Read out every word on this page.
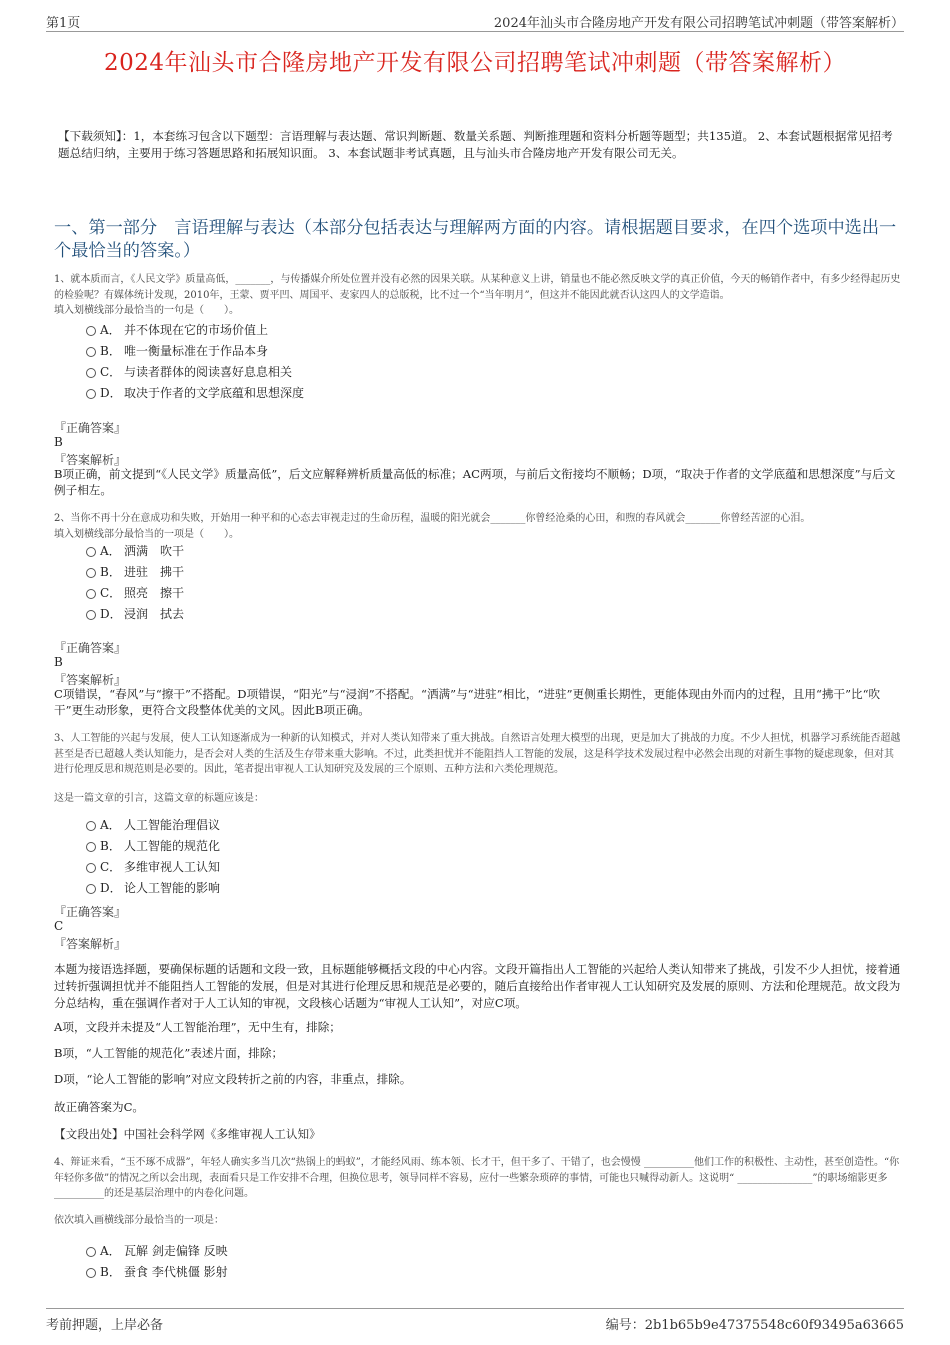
第1页	2024年汕头市合隆房地产开发有限公司招聘笔试冲刺题（带答案解析）
2024年汕头市合隆房地产开发有限公司招聘笔试冲刺题（带答案解析）
【下载须知】：1，本套练习包含以下题型：言语理解与表达题、常识判断题、数量关系题、判断推理题和资料分析题等题型；共135道。 2、本套试题根据常见招考题总结归纳，主要用于练习答题思路和拓展知识面。 3、本套试题非考试真题，且与汕头市合隆房地产开发有限公司无关。
一、第一部分　言语理解与表达（本部分包括表达与理解两方面的内容。请根据题目要求，在四个选项中选出一个最恰当的答案。）
1、就本质而言，《人民文学》质量高低，_______，与传播媒介所处位置并没有必然的因果关联。从某种意义上讲，销量也不能必然反映文学的真正价值，今天的畅销作者中，有多少经得起历史的检验呢？有媒体统计发现，2010年，王蒙、贾平凹、周国平、麦家四人的总版税，比不过一个“当年明月”，但这并不能因此就否认这四人的文学造诣。
填入划横线部分最恰当的一句是（　　）。
A． 并不体现在它的市场价值上
B． 唯一衡量标准在于作品本身
C． 与读者群体的阅读喜好息息相关
D． 取决于作者的文学底蕴和思想深度
『正确答案』
B
『答案解析』
B项正确，前文提到“《人民文学》质量高低”，后文应解释辨析质量高低的标准；AC两项，与前后文衔接均不顺畅；D项，“取决于作者的文学底蕴和思想深度”与后文例子相左。
2、当你不再十分在意成功和失败，开始用一种平和的心态去审视走过的生命历程，温暖的阳光就会_______你曾经沧桑的心田，和煦的春风就会_______你曾经苦涩的心泪。
填入划横线部分最恰当的一项是（　　）。
A． 洒满　吹干
B． 进驻　拂干
C． 照亮　擦干
D． 浸润　拭去
『正确答案』
B
『答案解析』
C项错误，“春风”与“擦干”不搭配。D项错误，“阳光”与“浸润”不搭配。“洒满”与“进驻”相比，“进驻”更侧重长期性，更能体现由外而内的过程，且用“拂干”比“吹干”更生动形象，更符合文段整体优美的文风。因此B项正确。
3、人工智能的兴起与发展，使人工认知逐渐成为一种新的认知模式，并对人类认知带来了重大挑战。自然语言处理大模型的出现，更是加大了挑战的力度。不少人担忧，机器学习系统能否超越甚至是否已超越人类认知能力，是否会对人类的生活及生存带来重大影响。不过，此类担忧并不能阻挡人工智能的发展，这是科学技术发展过程中必然会出现的对新生事物的疑虑现象，但对其进行伦理反思和规范则是必要的。因此，笔者提出审视人工认知研究及发展的三个原则、五种方法和六类伦理规范。
这是一篇文章的引言，这篇文章的标题应该是：
A． 人工智能治理倡议
B． 人工智能的规范化
C． 多维审视人工认知
D． 论人工智能的影响
『正确答案』
C
『答案解析』
本题为接语选择题，要确保标题的话题和文段一致，且标题能够概括文段的中心内容。文段开篇指出人工智能的兴起给人类认知带来了挑战，引发不少人担忧，接着通过转折强调担忧并不能阻挡人工智能的发展，但是对其进行伦理反思和规范是必要的，随后直接给出作者审视人工认知研究及发展的原则、方法和伦理规范。故文段为分总结构，重在强调作者对于人工认知的审视，文段核心话题为“审视人工认知”，对应C项。
A项，文段并未提及“人工智能治理”，无中生有，排除；
B项，“人工智能的规范化”表述片面，排除；
D项，“论人工智能的影响”对应文段转折之前的内容，非重点，排除。
故正确答案为C。
【文段出处】中国社会科学网《多维审视人工认知》
4、辩证来看，“玉不琢不成器”，年轻人确实多当几次“热锅上的蚂蚁”，才能经风雨、练本领、长才干，但干多了、干错了，也会慢慢 __________他们工作的积极性、主动性，甚至创造性。“你年轻你多做”的情况之所以会出现，表面看只是工作安排不合理，但换位思考，领导同样不容易，应付一些繁杂琐碎的事情，可能也只喊得动新人。这说明“ _______________”的职场缩影更多 __________的还是基层治理中的内卷化问题。
依次填入画横线部分最恰当的一项是：
A． 瓦解 剑走偏锋 反映
B． 蚕食 李代桃僵 影射
考前押题，上岸必备	编号：2b1b65b9e47375548c60f93495a63665
